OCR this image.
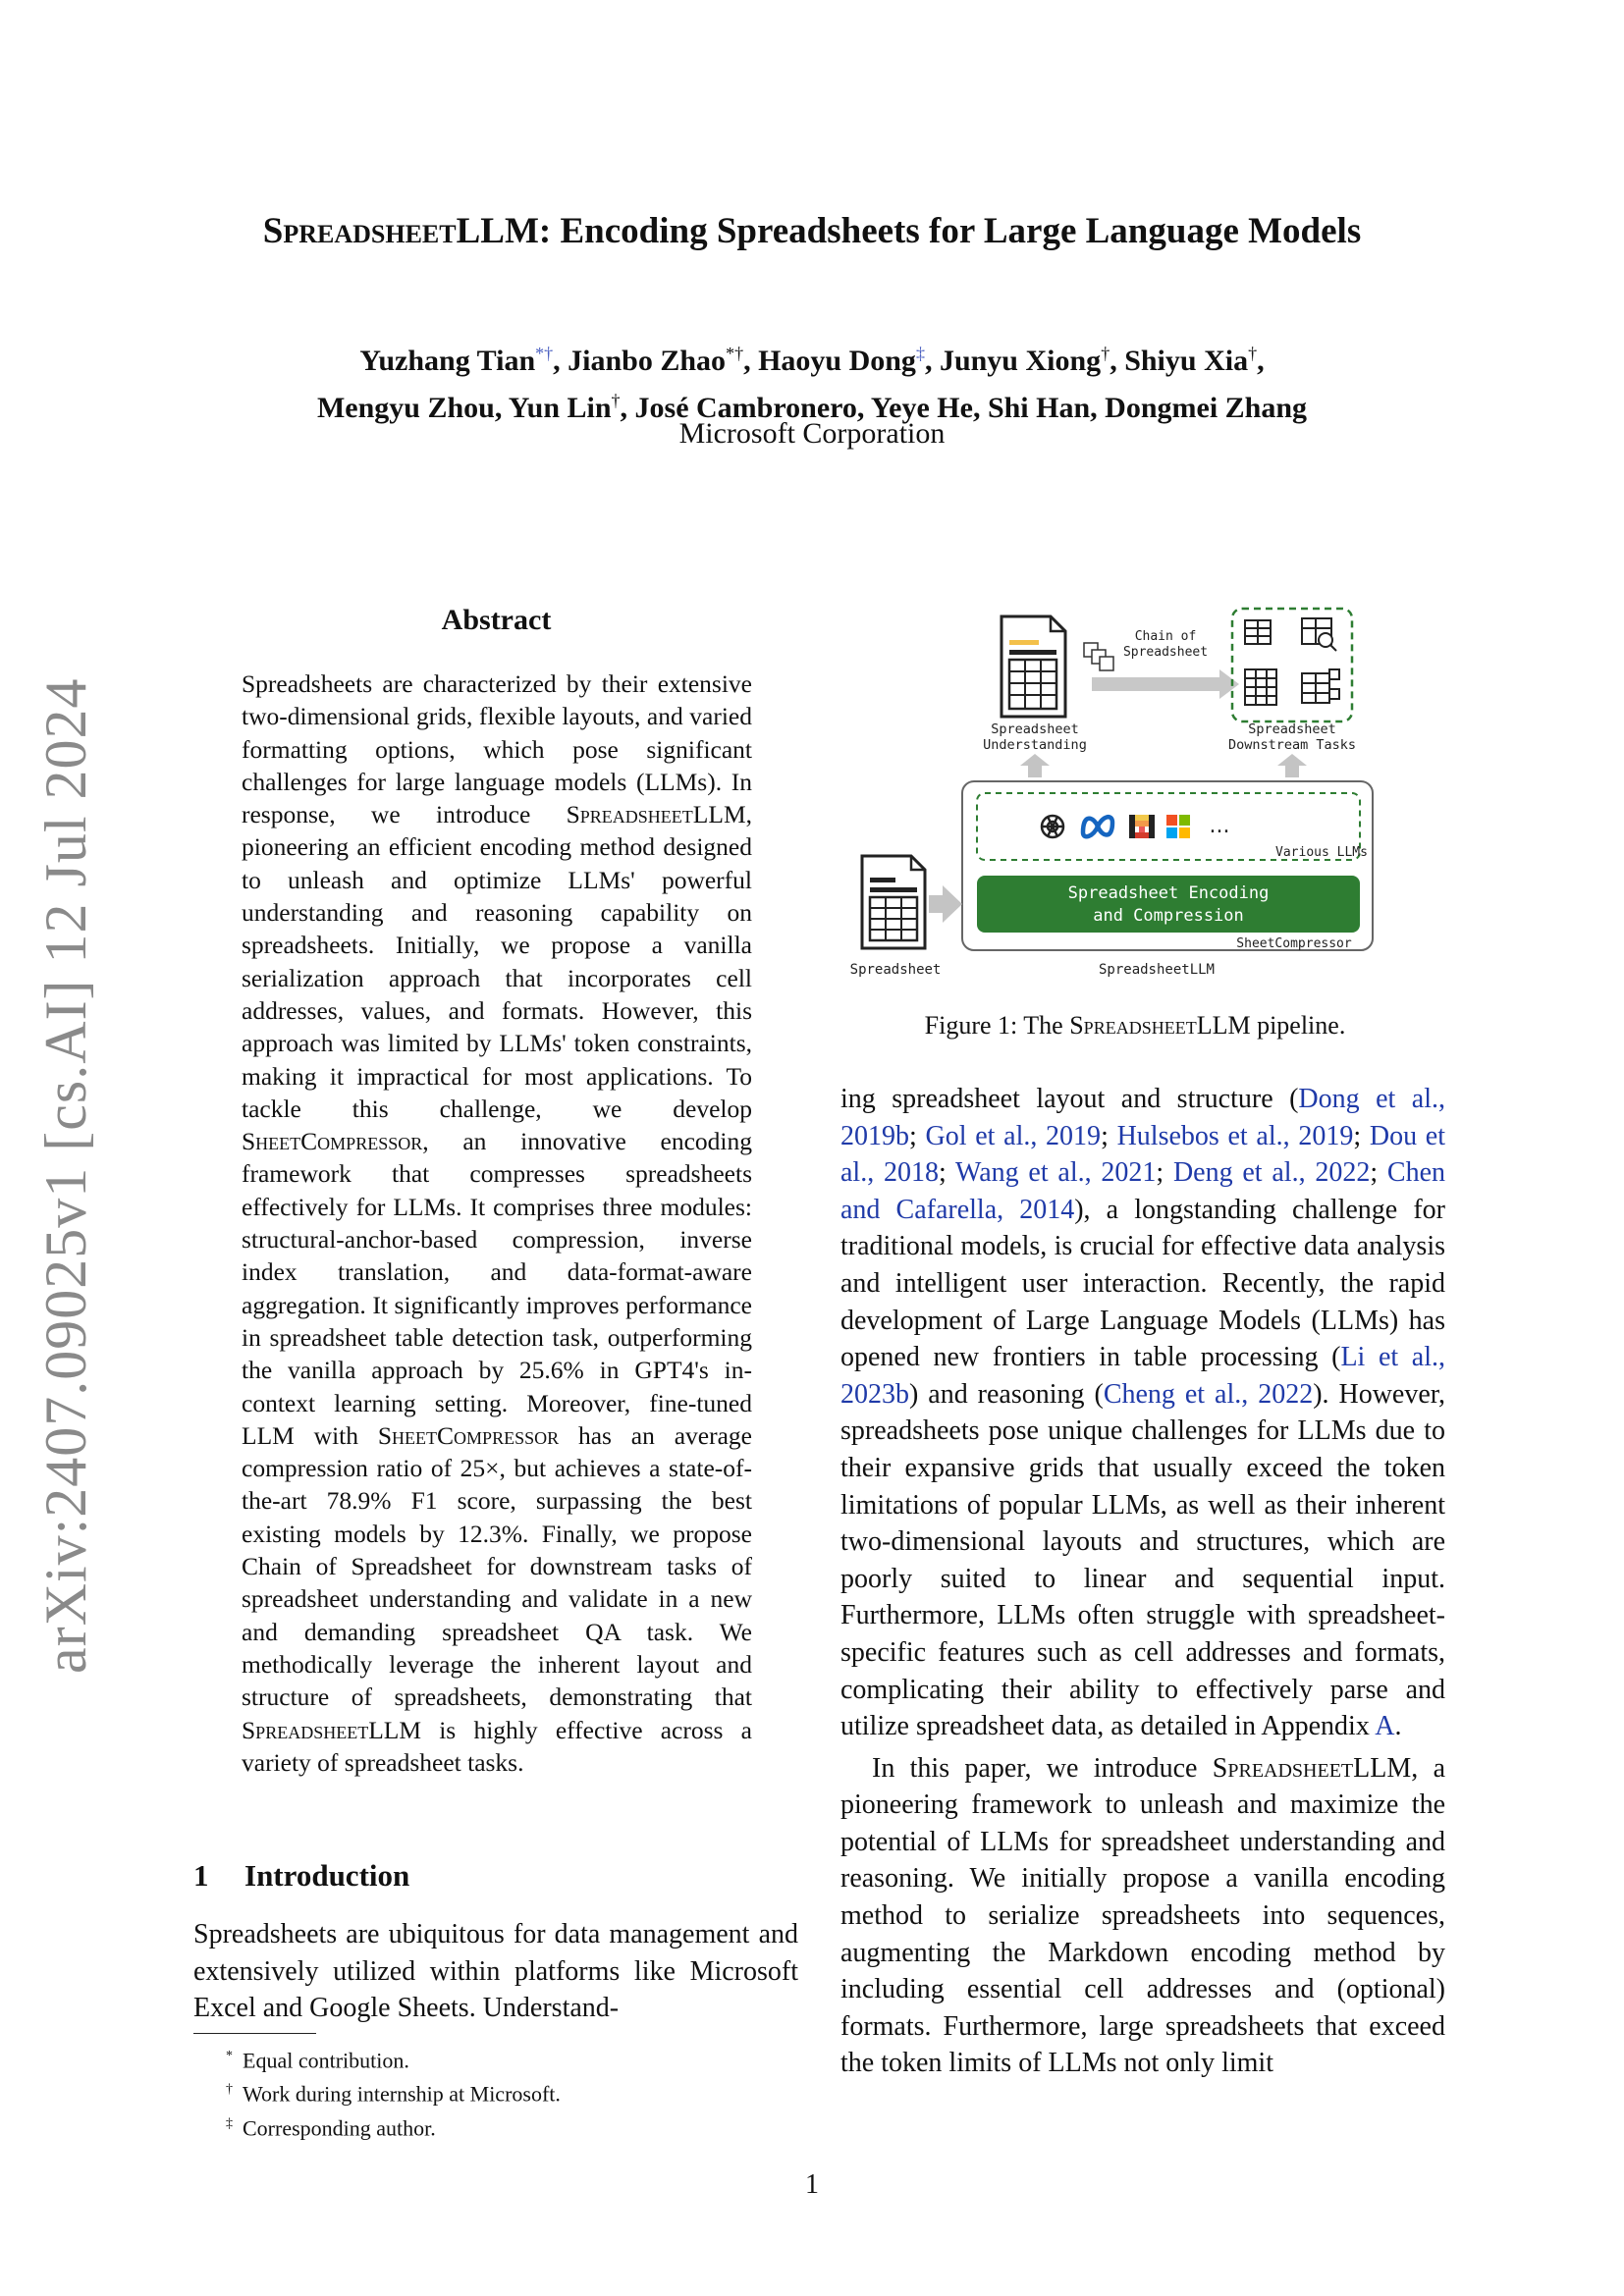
arXiv:2407.09025v1 [cs.AI] 12 Jul 2024
SpreadsheetLLM: Encoding Spreadsheets for Large Language Models
Yuzhang Tian*†, Jianbo Zhao*†, Haoyu Dong‡, Junyu Xiong†, Shiyu Xia†,
Mengyu Zhou, Yun Lin†, José Cambronero, Yeye He, Shi Han, Dongmei Zhang
Microsoft Corporation
Abstract
Spreadsheets are characterized by their extensive two-dimensional grids, flexible layouts, and varied formatting options, which pose significant challenges for large language models (LLMs). In response, we introduce SpreadsheetLLM, pioneering an efficient encoding method designed to unleash and optimize LLMs' powerful understanding and reasoning capability on spreadsheets. Initially, we propose a vanilla serialization approach that incorporates cell addresses, values, and formats. However, this approach was limited by LLMs' token constraints, making it impractical for most applications. To tackle this challenge, we develop SheetCompressor, an innovative encoding framework that compresses spreadsheets effectively for LLMs. It comprises three modules: structural-anchor-based compression, inverse index translation, and data-format-aware aggregation. It significantly improves performance in spreadsheet table detection task, outperforming the vanilla approach by 25.6% in GPT4's in-context learning setting. Moreover, fine-tuned LLM with SheetCompressor has an average compression ratio of 25×, but achieves a state-of-the-art 78.9% F1 score, surpassing the best existing models by 12.3%. Finally, we propose Chain of Spreadsheet for downstream tasks of spreadsheet understanding and validate in a new and demanding spreadsheet QA task. We methodically leverage the inherent layout and structure of spreadsheets, demonstrating that SpreadsheetLLM is highly effective across a variety of spreadsheet tasks.
1 Introduction
Spreadsheets are ubiquitous for data management and extensively utilized within platforms like Microsoft Excel and Google Sheets. Understand-
* Equal contribution.
† Work during internship at Microsoft.
‡ Corresponding author.
Chain of
Spreadsheet
Spreadsheet
Understanding
Spreadsheet
Downstream Tasks
...
Various LLMs
Spreadsheet Encoding
and Compression
SheetCompressor
Spreadsheet	SpreadsheetLLM
Figure 1: The SpreadsheetLLM pipeline.

ing spreadsheet layout and structure (Dong et al., 2019b; Gol et al., 2019; Hulsebos et al., 2019; Dou et al., 2018; Wang et al., 2021; Deng et al., 2022; Chen and Cafarella, 2014), a longstanding challenge for traditional models, is crucial for effective data analysis and intelligent user interaction. Recently, the rapid development of Large Language Models (LLMs) has opened new frontiers in table processing (Li et al., 2023b) and reasoning (Cheng et al., 2022). However, spreadsheets pose unique challenges for LLMs due to their expansive grids that usually exceed the token limitations of popular LLMs, as well as their inherent two-dimensional layouts and structures, which are poorly suited to linear and sequential input. Furthermore, LLMs often struggle with spreadsheet-specific features such as cell addresses and formats, complicating their ability to effectively parse and utilize spreadsheet data, as detailed in Appendix A.

In this paper, we introduce SpreadsheetLLM, a pioneering framework to unleash and maximize the potential of LLMs for spreadsheet understanding and reasoning. We initially propose a vanilla encoding method to serialize spreadsheets into sequences, augmenting the Markdown encoding method by including essential cell addresses and (optional) formats. Furthermore, large spreadsheets that exceed the token limits of LLMs not only limit

1
